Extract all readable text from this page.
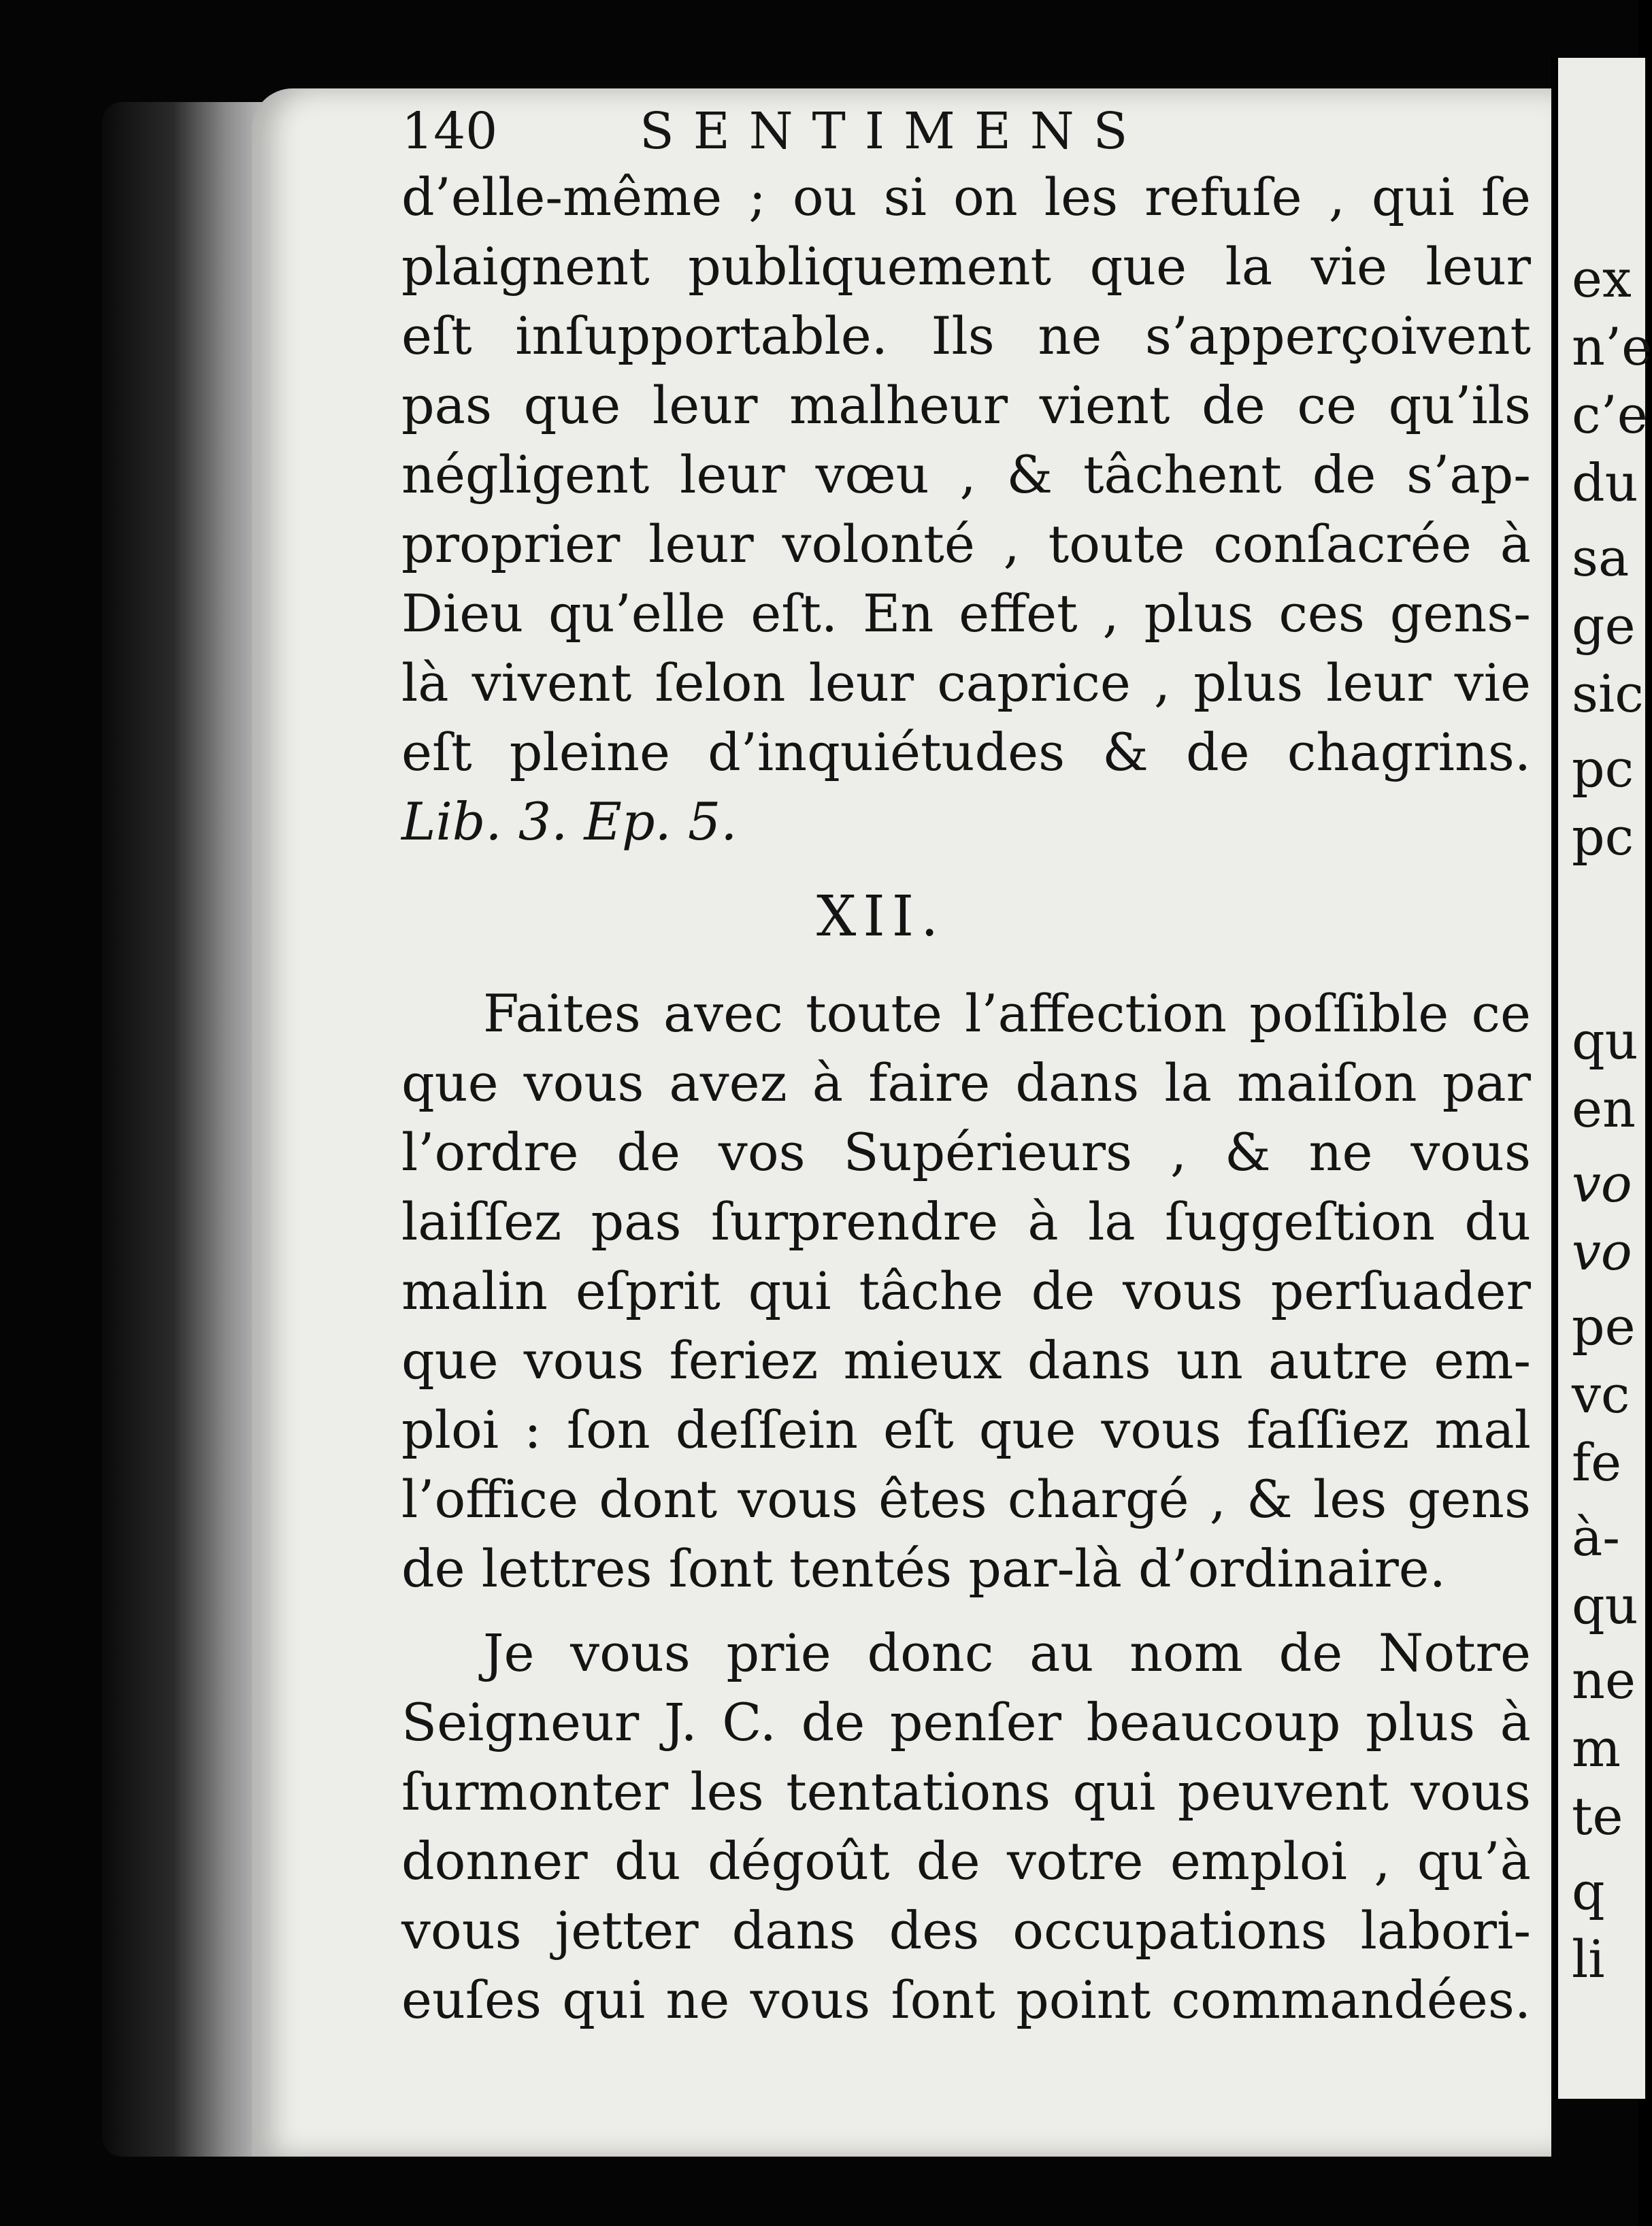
140	SENTIMENS
d’elle-même ; ou si on les refuſe , qui ſe
plaignent publiquement que la vie leur
eſt inſupportable. Ils ne s’apperçoivent
pas que leur malheur vient de ce qu’ils
négligent leur vœu , & tâchent de s’ap-
proprier leur volonté , toute conſacrée à
Dieu qu’elle eſt. En effet , plus ces gens-
là vivent ſelon leur caprice , plus leur vie
eſt pleine d’inquiétudes & de chagrins.
Lib. 3. Ep. 5.
XII.
Faites avec toute l’affection poſſible ce
que vous avez à faire dans la maiſon par
l’ordre de vos Supérieurs , & ne vous
laiſſez pas ſurprendre à la ſuggeſtion du
malin eſprit qui tâche de vous perſuader
que vous feriez mieux dans un autre em-
ploi : ſon deſſein eſt que vous faſſiez mal
l’office dont vous êtes chargé , & les gens
de lettres ſont tentés par-là d’ordinaire.
Je vous prie donc au nom de Notre
Seigneur J. C. de penſer beaucoup plus à
ſurmonter les tentations qui peuvent vous
donner du dégoût de votre emploi , qu’à
vous jetter dans des occupations labori-
euſes qui ne vous ſont point commandées.
ex
n’e
c’e
du
sa
ge
sic
pc
pc
qu
en
vo
vo
pe
vc
fe
à-
qu
ne
m
te
q
li
